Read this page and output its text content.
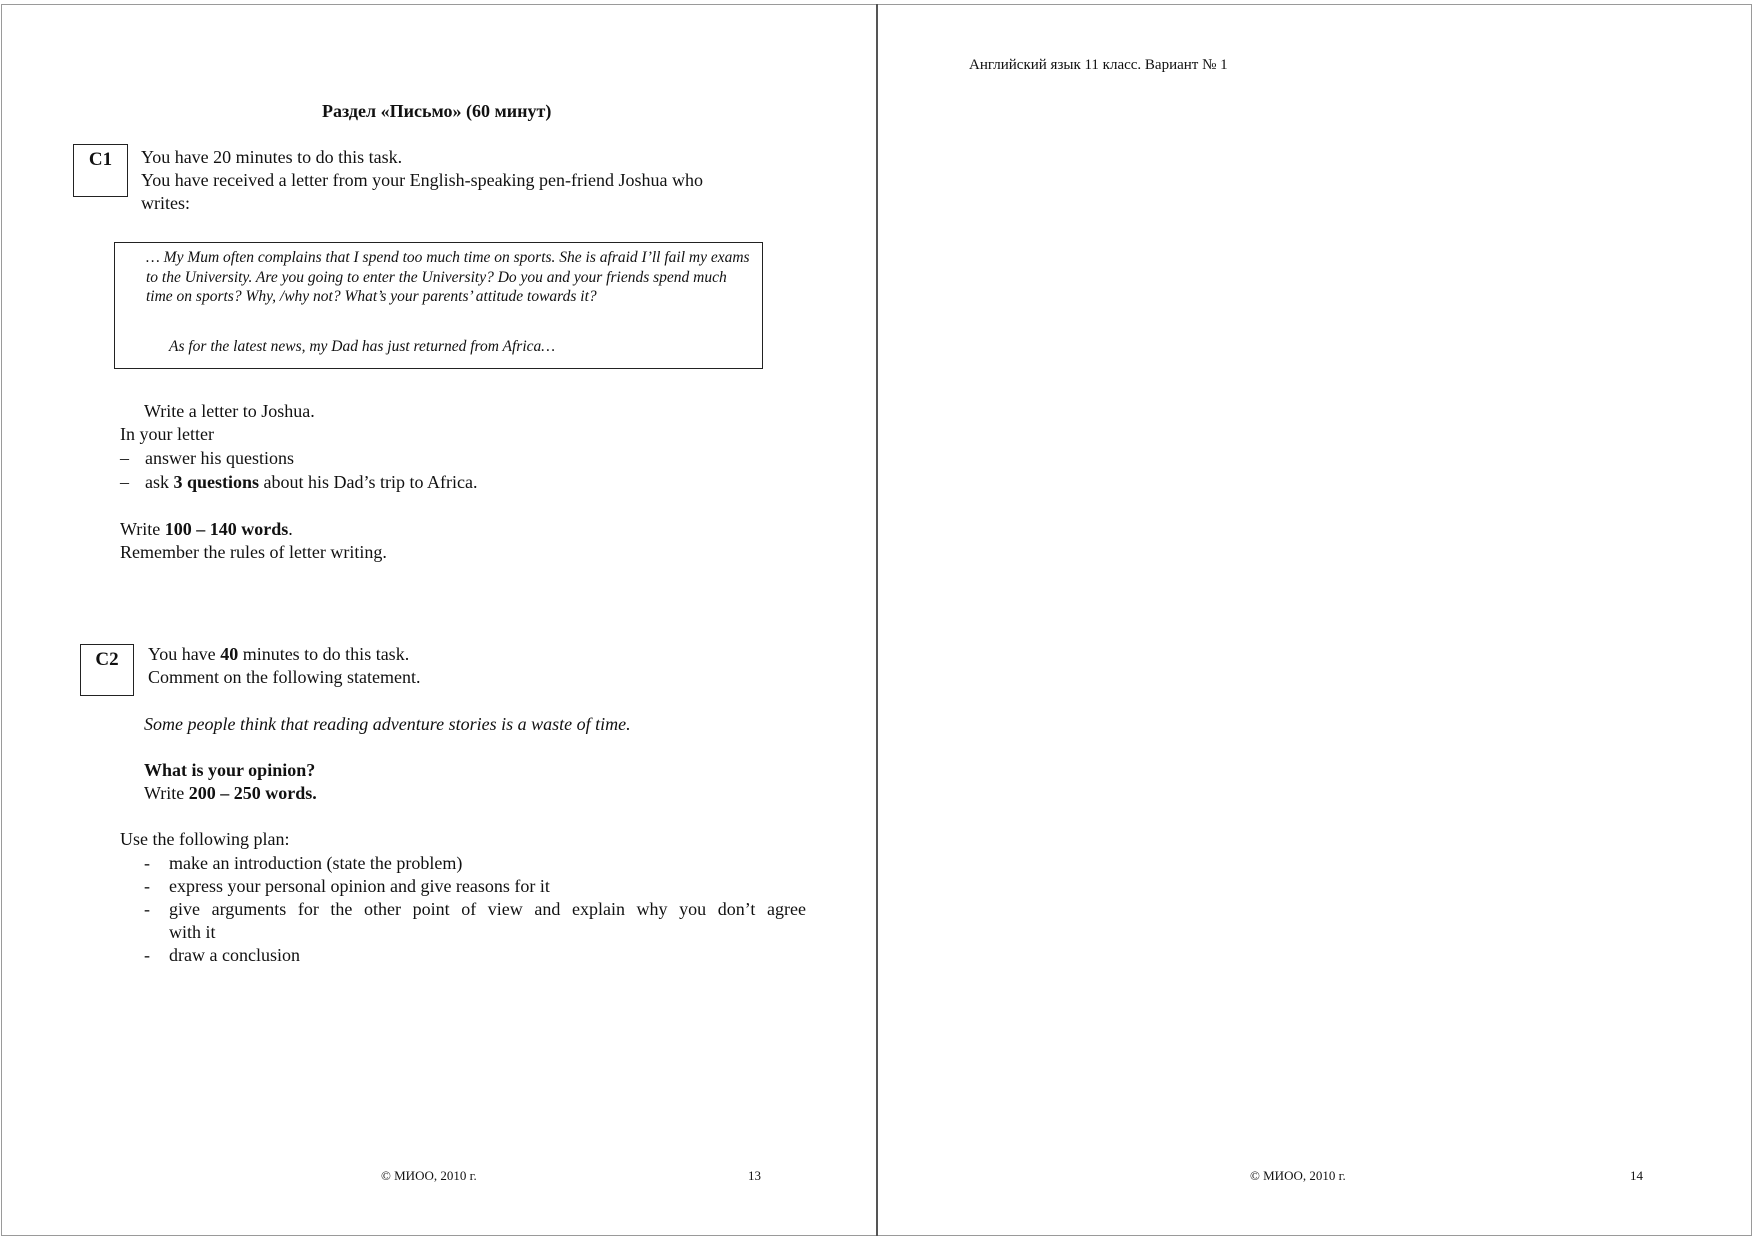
Раздел «Письмо» (60 минут)
C1	You have 20 minutes to do this task.
You have received a letter from your English-speaking pen-friend Joshua who
writes:
… My Mum often complains that I spend too much time on sports. She is afraid I’ll fail my exams to the University. Are you going to enter the University? Do you and your friends spend much time on sports? Why, /why not? What’s your parents’ attitude towards it?
As for the latest news, my Dad has just returned from Africa…
Write a letter to Joshua.
In your letter
– answer his questions
– ask 3 questions about his Dad’s trip to Africa.
Write 100 – 140 words.
Remember the rules of letter writing.
C2	You have 40 minutes to do this task.
Comment on the following statement.
Some people think that reading adventure stories is a waste of time.
What is your opinion?
Write 200 – 250 words.
Use the following plan:
- make an introduction (state the problem)
- express your personal opinion and give reasons for it
-	give arguments for the other point of view and explain why you don’t agree
with it
- draw a conclusion
© МИОО, 2010 г.	13
Английский язык 11 класс. Вариант № 1
© МИОО, 2010 г.	14
